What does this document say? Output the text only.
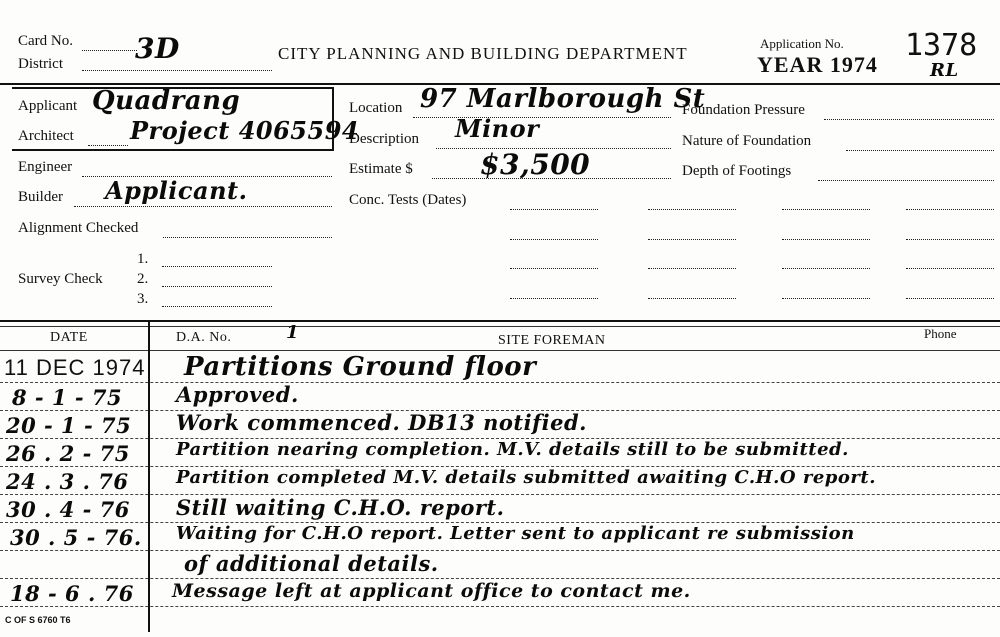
Card No.
District	3D	CITY PLANNING AND BUILDING DEPARTMENT
Application No.
YEAR 1974
1378
RL
Applicant Quadrang
Architect Project 4065594
Engineer
Builder Applicant.
Alignment Checked
Survey Check
1.
2.
3.
Location 97 Marlborough St
Description Minor
Estimate $ $3,500
Conc. Tests (Dates)
Foundation Pressure
Nature of Foundation
Depth of Footings
DATE	D.A. No.	1	SITE FOREMAN	Phone
11 DEC 1974 Partitions Ground floor
8 - 1 - 75	Approved.
20 - 1 - 75 Work commenced. DB13 notified.
26 . 2 - 75	Partition nearing completion. M.V. details still to be submitted.
24 . 3 . 76	Partition completed M.V. details submitted awaiting C.H.O report.
30 . 4 - 76 Still waiting C.H.O. report.
30 . 5 - 76. Waiting for C.H.O report. Letter sent to applicant re submission
of additional details.
18 - 6 . 76 Message left at applicant office to contact me.
C OF S 6760 T6
